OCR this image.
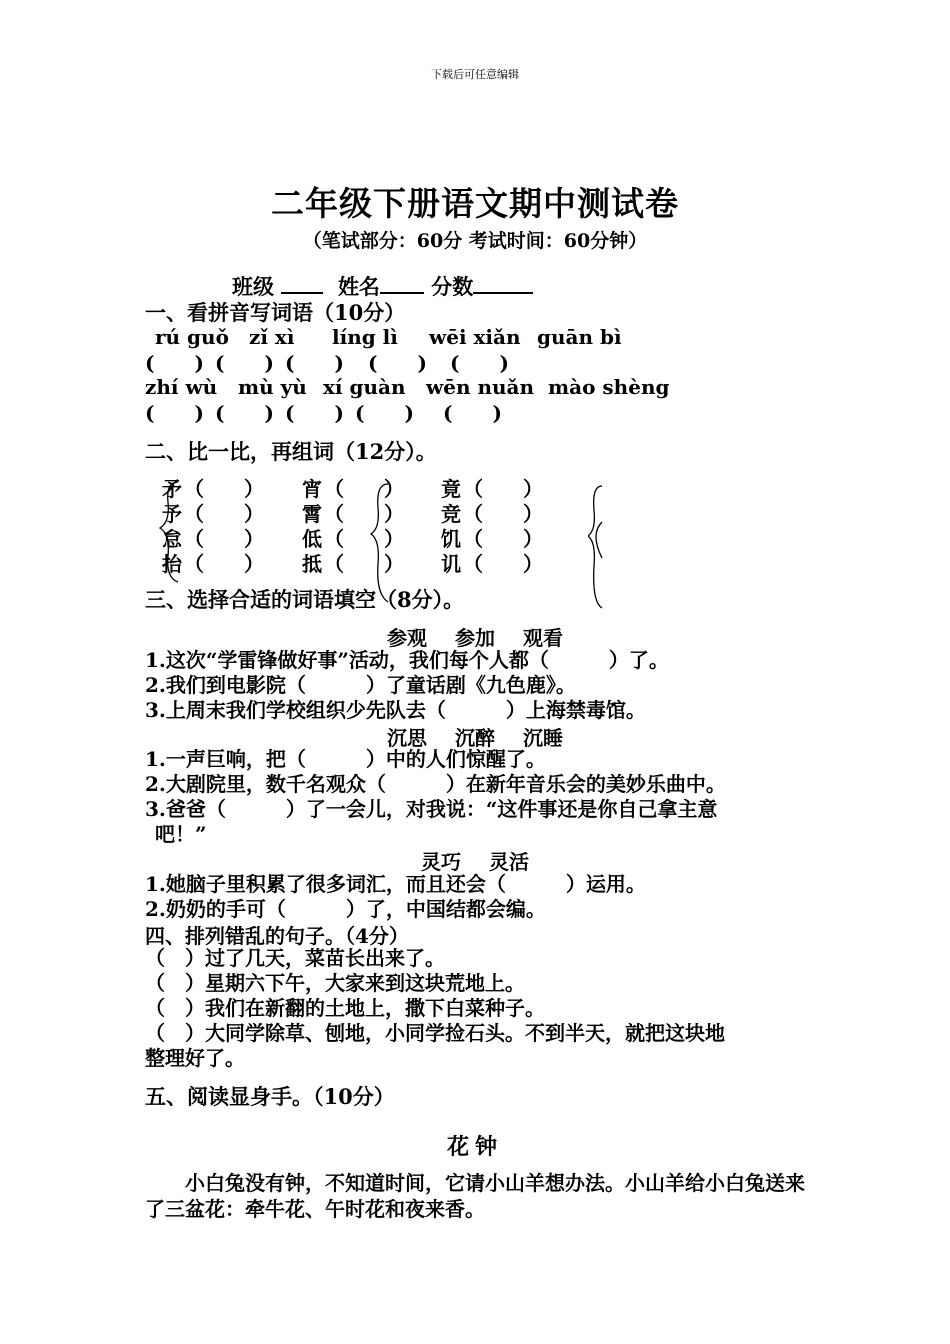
下载后可任意编辑
二年级下册语文期中测试卷
（笔试部分：60分 考试时间：60分钟）
班级	姓名 分数
一、看拼音写词语（10分）
rú guǒ zǐ xì líng lì wēi xiǎn guān bì
(　　) (　　) (　　) (　　) (　　)
zhí wù mù yù xí guàn wēn nuǎn mào shèng
(　　) (　　) (　　) (　　) (　　)
二、比一比，再组词（12分）。
矛
予
怠
抬
（　　）
（　　）
（　　）
（　　）
宵
霄
低
抵
（　　）
（　　）
（　　）
（　　）
竟
竞
饥
讥
（　　）
（　　）
（　　）
（　　）
三、选择合适的词语填空（8分）。
参观 参加 观看
1.这次“学雷锋做好事”活动，我们每个人都（　　　）了。
2.我们到电影院（　　　）了童话剧《九色鹿》。
3.上周末我们学校组织少先队去（　　　）上海禁毒馆。
沉思 沉醉 沉睡
1.一声巨响，把（　　　）中的人们惊醒了。
2.大剧院里，数千名观众（　　　）在新年音乐会的美妙乐曲中。
3.爸爸（　　　）了一会儿，对我说：“这件事还是你自己拿主意
吧！”
灵巧 灵活
1.她脑子里积累了很多词汇，而且还会（　　　）运用。
2.奶奶的手可（　　　）了，中国结都会编。
四、排列错乱的句子。（4分）
（　）过了几天，菜苗长出来了。
（　）星期六下午，大家来到这块荒地上。
（　）我们在新翻的土地上，撒下白菜种子。
（　）大同学除草、刨地，小同学捡石头。不到半天，就把这块地
整理好了。
五、阅读显身手。（10分）
花钟
小白兔没有钟，不知道时间，它请小山羊想办法。小山羊给小白兔送来了三盆花：牵牛花、午时花和夜来香。
